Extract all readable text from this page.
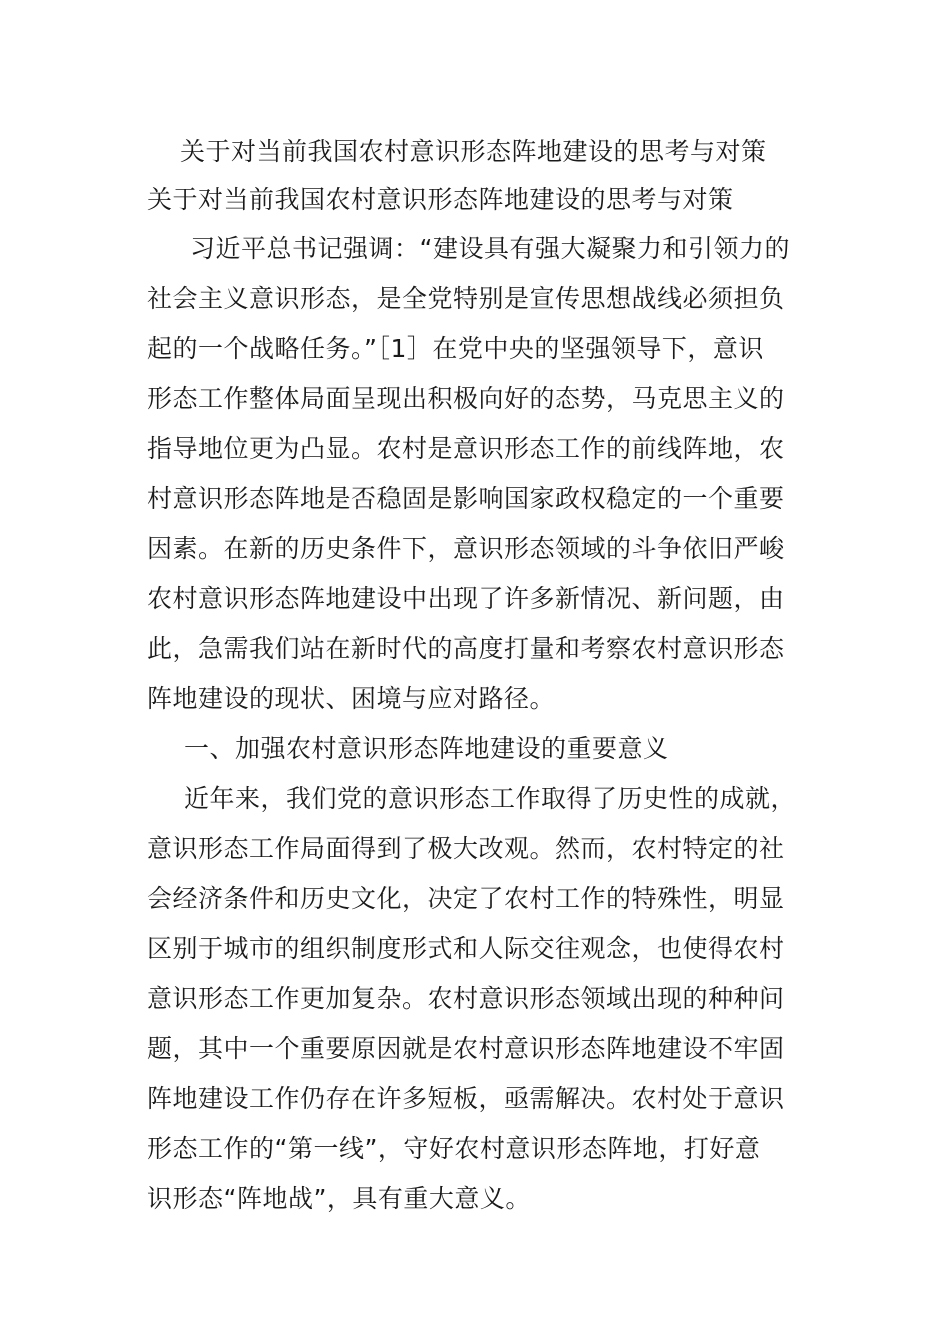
关于对当前我国农村意识形态阵地建设的思考与对策
关于对当前我国农村意识形态阵地建设的思考与对策
习近平总书记强调：“建设具有强大凝聚力和引领力的
社会主义意识形态，是全党特别是宣传思想战线必须担负
起的一个战略任务。”［1］在党中央的坚强领导下，意识
形态工作整体局面呈现出积极向好的态势，马克思主义的
指导地位更为凸显。农村是意识形态工作的前线阵地，农
村意识形态阵地是否稳固是影响国家政权稳定的一个重要
因素。在新的历史条件下，意识形态领域的斗争依旧严峻
农村意识形态阵地建设中出现了许多新情况、新问题，由
此，急需我们站在新时代的高度打量和考察农村意识形态
阵地建设的现状、困境与应对路径。
一、加强农村意识形态阵地建设的重要意义
近年来，我们党的意识形态工作取得了历史性的成就，
意识形态工作局面得到了极大改观。然而，农村特定的社
会经济条件和历史文化，决定了农村工作的特殊性，明显
区别于城市的组织制度形式和人际交往观念，也使得农村
意识形态工作更加复杂。农村意识形态领域出现的种种问
题，其中一个重要原因就是农村意识形态阵地建设不牢固
阵地建设工作仍存在许多短板，亟需解决。农村处于意识
形态工作的“第一线”，守好农村意识形态阵地，打好意
识形态“阵地战”，具有重大意义。
